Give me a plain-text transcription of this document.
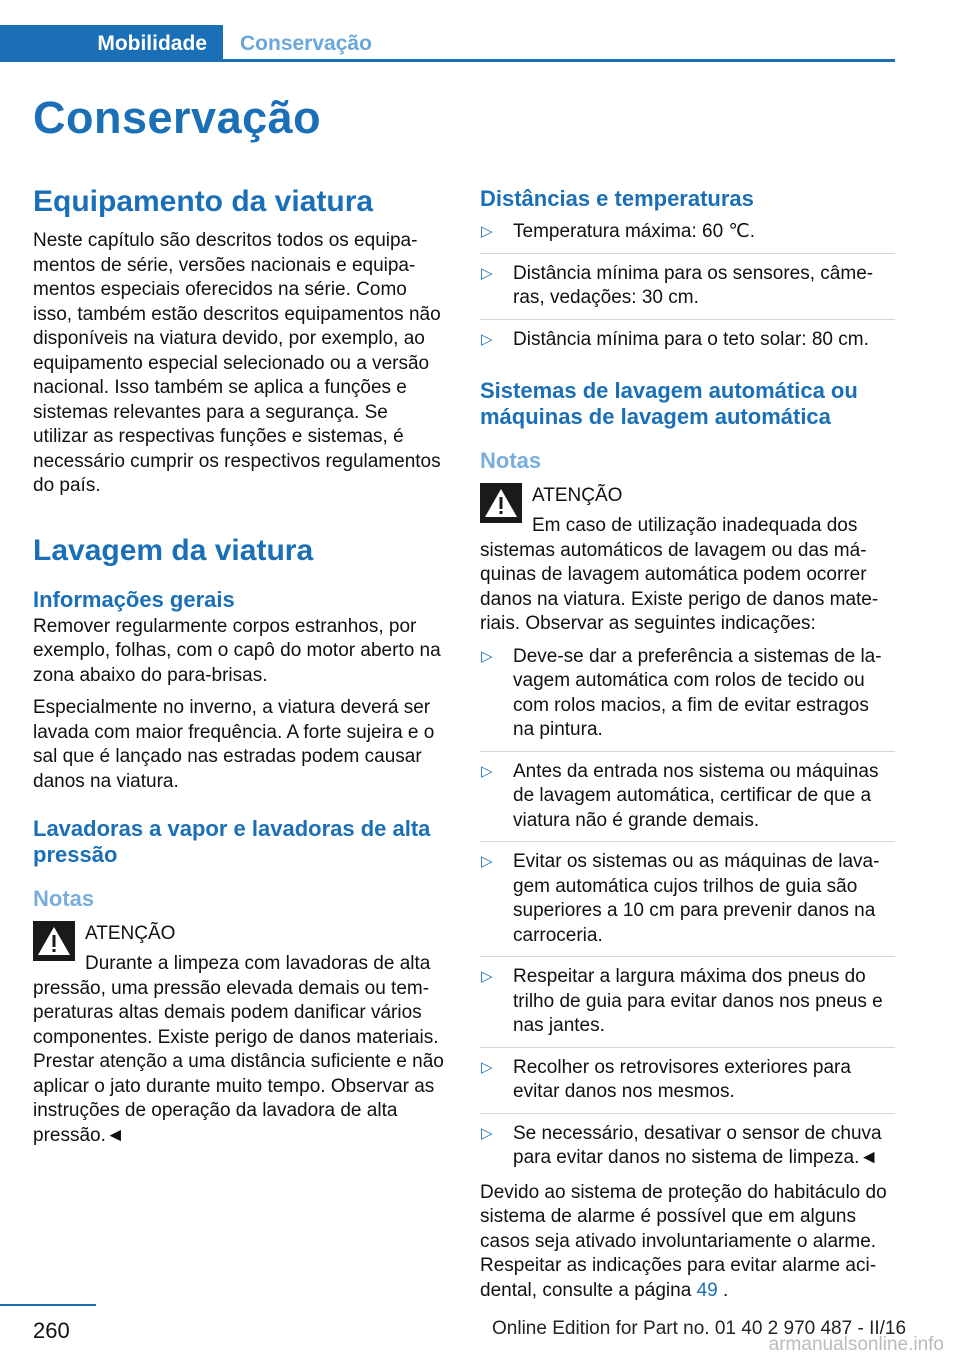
Mobilidade	Conservação
Conservação
Equipamento da viatura

Neste capítulo são descritos todos os equipamentos de série, versões nacionais e equipamentos especiais oferecidos na série. Como isso, também estão descritos equipamentos não disponíveis na viatura devido, por exemplo, ao equipamento especial selecionado ou a versão nacional. Isso também se aplica a funções e sistemas relevantes para a segurança. Se utilizar as respectivas funções e sistemas, é necessário cumprir os respectivos regulamentos do país.

Lavagem da viatura
Informações gerais

Remover regularmente corpos estranhos, por exemplo, folhas, com o capô do motor aberto na zona abaixo do para-brisas.

Especialmente no inverno, a viatura deverá ser lavada com maior frequência. A forte sujeira e o sal que é lançado nas estradas podem causar danos na viatura.

Lavadoras a vapor e lavadoras de alta pressão
Notas
ATENÇÃO

Durante a limpeza com lavadoras de alta pressão, uma pressão elevada demais ou temperaturas altas demais podem danificar vários componentes. Existe perigo de danos materiais. Prestar atenção a uma distância suficiente e não aplicar o jato durante muito tempo. Observar as instruções de operação da lavadora de alta pressão.◄

Distâncias e temperaturas
▷ Temperatura máxima: 60 ℃.
▷ Distância mínima para os sensores, câmeras, vedações: 30 cm.
▷ Distância mínima para o teto solar: 80 cm.
Sistemas de lavagem automática ou máquinas de lavagem automática
Notas
ATENÇÃO

Em caso de utilização inadequada dos sistemas automáticos de lavagem ou das máquinas de lavagem automática podem ocorrer danos na viatura. Existe perigo de danos materiais. Observar as seguintes indicações:

▷ Deve-se dar a preferência a sistemas de lavagem automática com rolos de tecido ou com rolos macios, a fim de evitar estragos na pintura.
▷ Antes da entrada nos sistema ou máquinas de lavagem automática, certificar de que a viatura não é grande demais.
▷ Evitar os sistemas ou as máquinas de lavagem automática cujos trilhos de guia são superiores a 10 cm para prevenir danos na carroceria.
▷ Respeitar a largura máxima dos pneus do trilho de guia para evitar danos nos pneus e nas jantes.
▷ Recolher os retrovisores exteriores para evitar danos nos mesmos.
▷ Se necessário, desativar o sensor de chuva para evitar danos no sistema de limpeza.◄

Devido ao sistema de proteção do habitáculo do sistema de alarme é possível que em alguns casos seja ativado involuntariamente o alarme. Respeitar as indicações para evitar alarme acidental, consulte a página 49 .

260	Online Edition for Part no. 01 40 2 970 487 - II/16
armanualsonline.info
